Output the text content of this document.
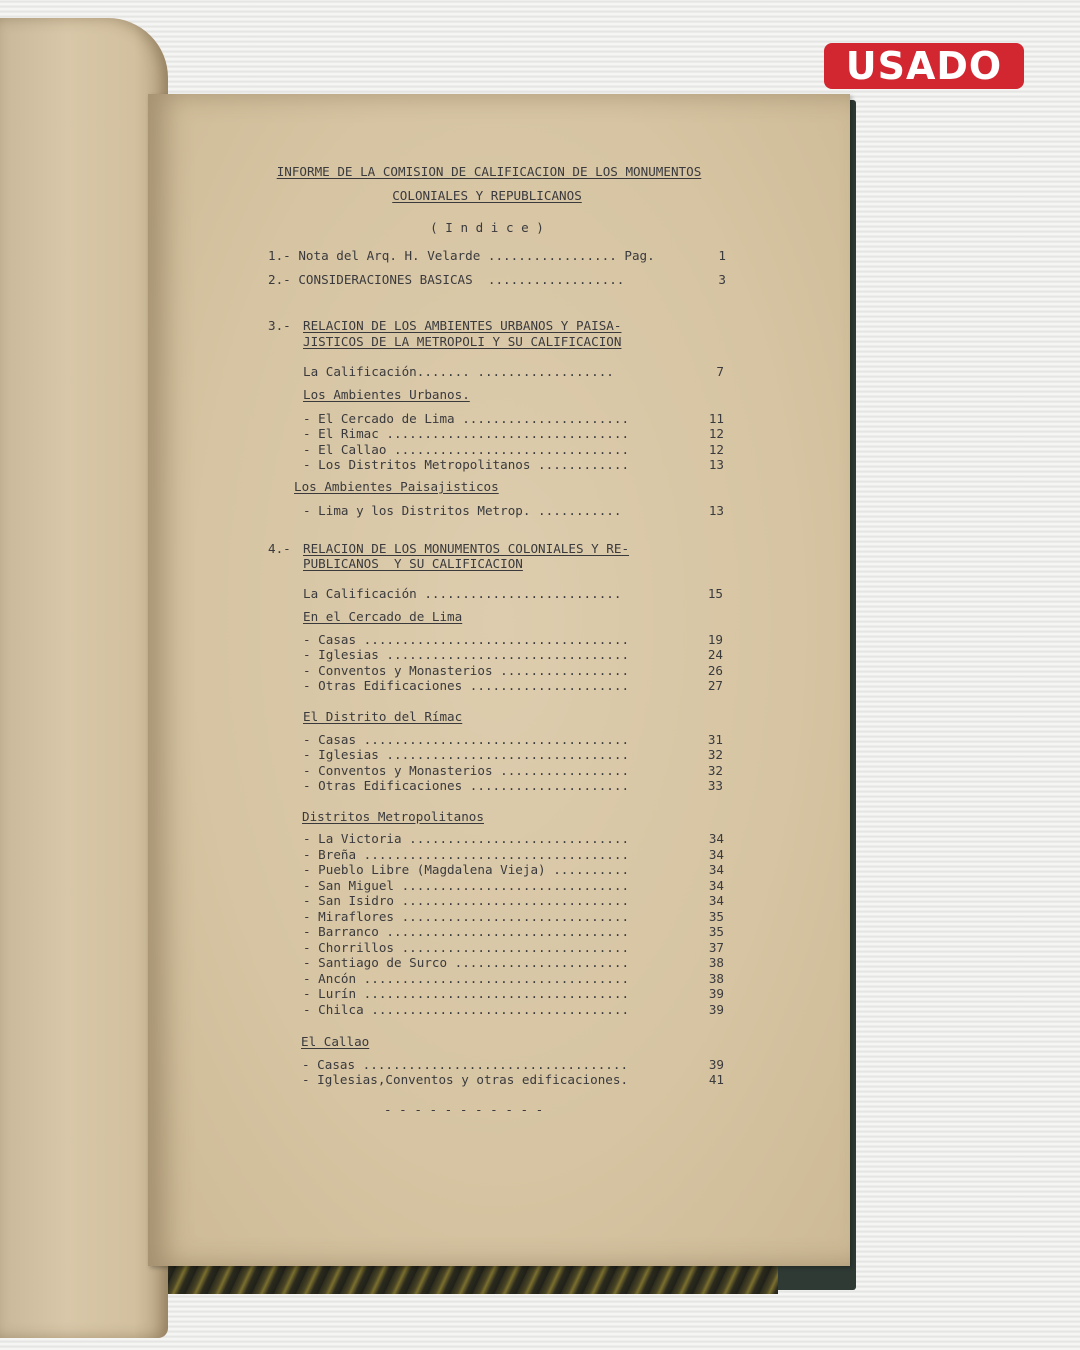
INFORME DE LA COMISION DE CALIFICACION DE LOS MONUMENTOS
COLONIALES Y REPUBLICANOS
( I n d i c e )
1.- Nota del Arq. H. Velarde ................. Pag.	1
2.- CONSIDERACIONES BASICAS  ..................	3
3.- RELACION DE LOS AMBIENTES URBANOS Y PAISA-
JISTICOS DE LA METROPOLI Y SU CALIFICACION
La Calificación....... ..................	7
Los Ambientes Urbanos.
- El Cercado de Lima ......................	11
- El Rimac ................................	12
- El Callao ...............................	12
- Los Distritos Metropolitanos ............	13
Los Ambientes Paisajisticos
- Lima y los Distritos Metrop. ...........	13
4.- RELACION DE LOS MONUMENTOS COLONIALES Y RE-
PUBLICANOS  Y SU CALIFICACION
La Calificación ..........................	15
En el Cercado de Lima
- Casas ...................................	19
- Iglesias ................................	24
- Conventos y Monasterios .................	26
- Otras Edificaciones .....................	27
El Distrito del Rímac
- Casas ...................................	31
- Iglesias ................................	32
- Conventos y Monasterios .................	32
- Otras Edificaciones .....................	33
Distritos Metropolitanos
- La Victoria .............................	34
- Breña ...................................	34
- Pueblo Libre (Magdalena Vieja) ..........	34
- San Miguel ..............................	34
- San Isidro ..............................	34
- Miraflores ..............................	35
- Barranco ................................	35
- Chorrillos ..............................	37
- Santiago de Surco .......................	38
- Ancón ...................................	38
- Lurín ...................................	39
- Chilca ..................................	39
El Callao
- Casas ...................................	39
- Iglesias,Conventos y otras edificaciones.	41
- - - - - - - - - - -
USADO
